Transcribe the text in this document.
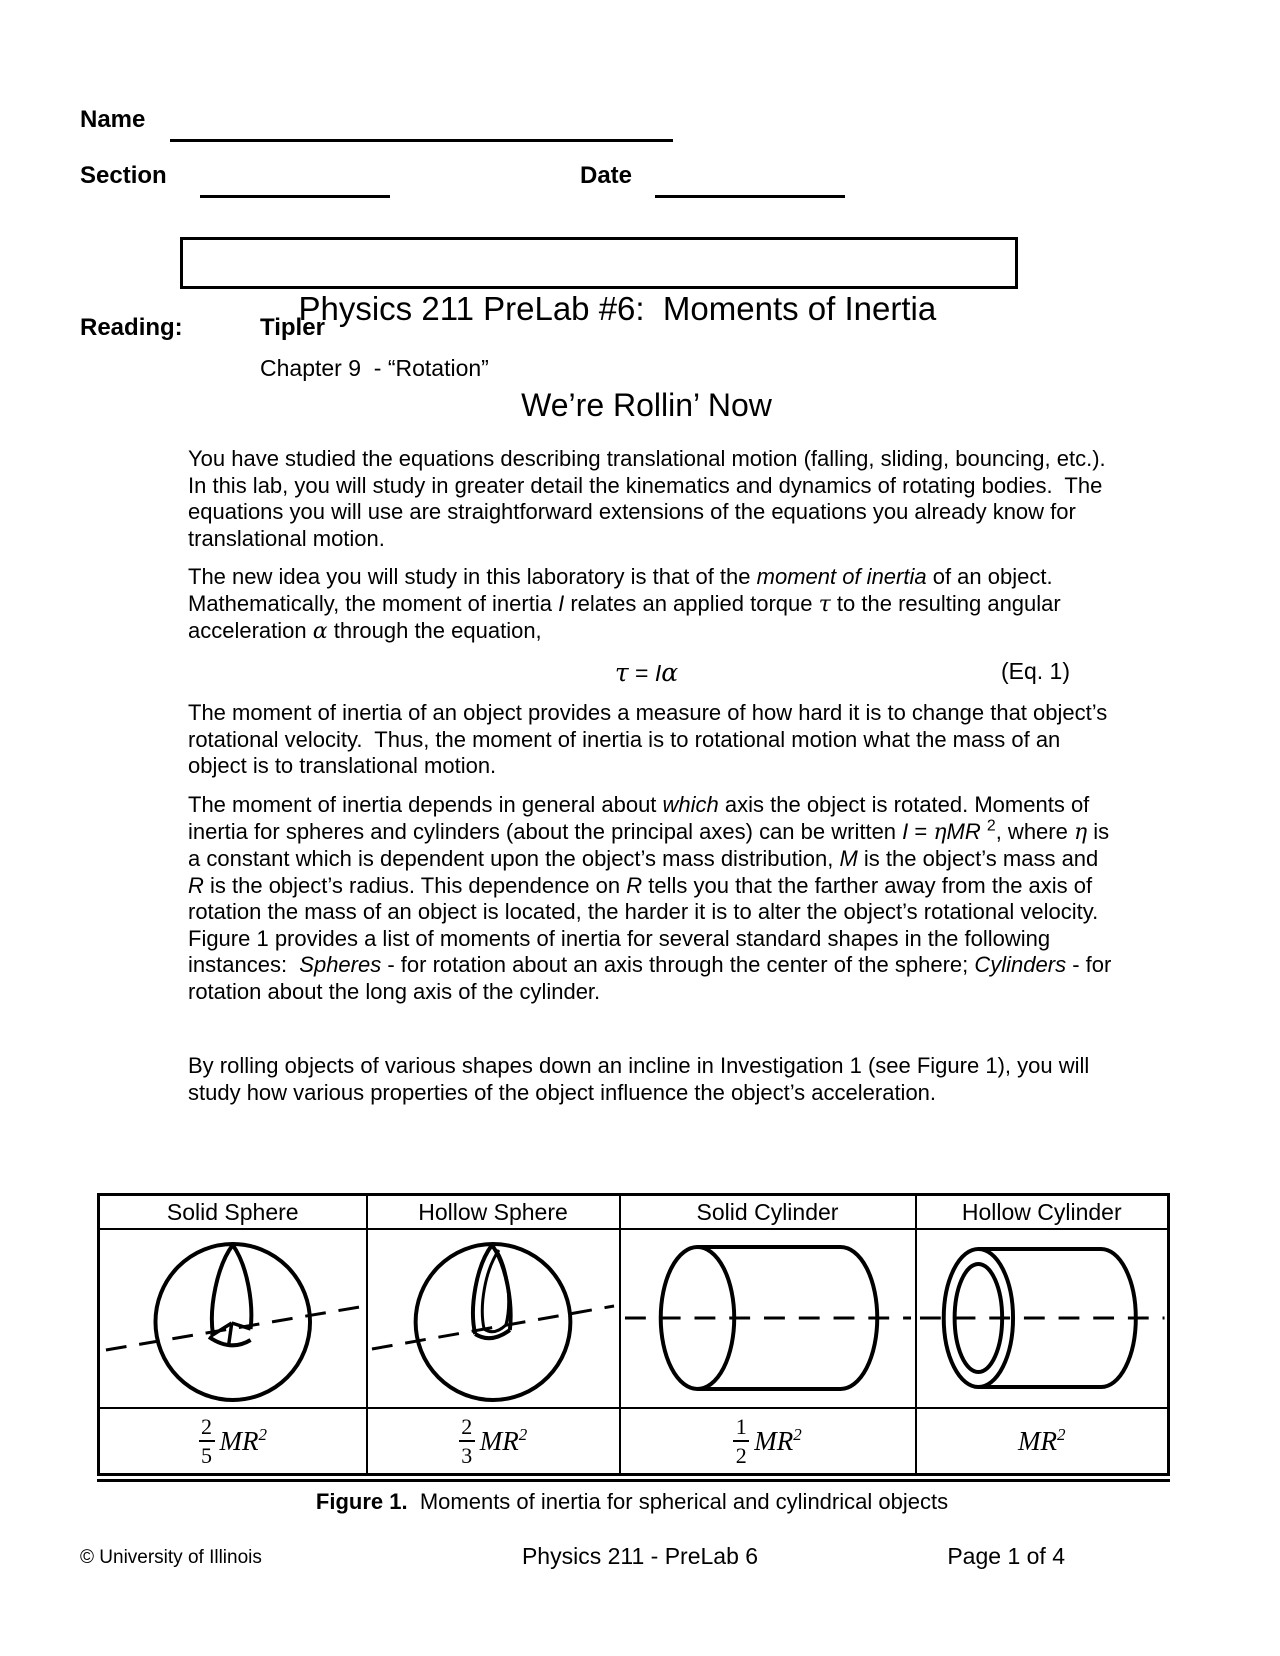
Name
Section	Date

Physics 211 PreLab #6:  Moments of Inertia

Reading:	Tipler
Chapter 9  - “Rotation”
We’re Rollin’ Now
You have studied the equations describing translational motion (falling, sliding, bouncing, etc.).  In this lab, you will study in greater detail the kinematics and dynamics of rotating bodies.  The equations you will use are straightforward extensions of the equations you already know for translational motion.
The new idea you will study in this laboratory is that of the moment of inertia of an object.  Mathematically, the moment of inertia I relates an applied torque τ to the resulting angular acceleration α through the equation,
τ = Iα	(Eq. 1)
The moment of inertia of an object provides a measure of how hard it is to change that object’s rotational velocity.  Thus, the moment of inertia is to rotational motion what the mass of an object is to translational motion.
The moment of inertia depends in general about which axis the object is rotated. Moments of inertia for spheres and cylinders (about the principal axes) can be written I = ηMR $^2$, where η is a constant which is dependent upon the object’s mass distribution, M is the object’s mass and R is the object’s radius. This dependence on R tells you that the farther away from the axis of rotation the mass of an object is located, the harder it is to alter the object’s rotational velocity. Figure 1 provides a list of moments of inertia for several standard shapes in the following instances:  Spheres - for rotation about an axis through the center of the sphere; Cylinders - for rotation about the long axis of the cylinder.
By rolling objects of various shapes down an incline in Investigation 1 (see Figure 1), you will study how various properties of the object influence the object’s acceleration.
Solid Sphere	Hollow Sphere	Solid Cylinder	Hollow Cylinder

$\frac{2}{5} MR^2$	$\frac{2}{3} MR^2$	$\frac{1}{2} MR^2$	$MR^2$
Figure 1.  Moments of inertia for spherical and cylindrical objects
Physics 211 - PreLab 6
© University of Illinois	Page 1 of 4
